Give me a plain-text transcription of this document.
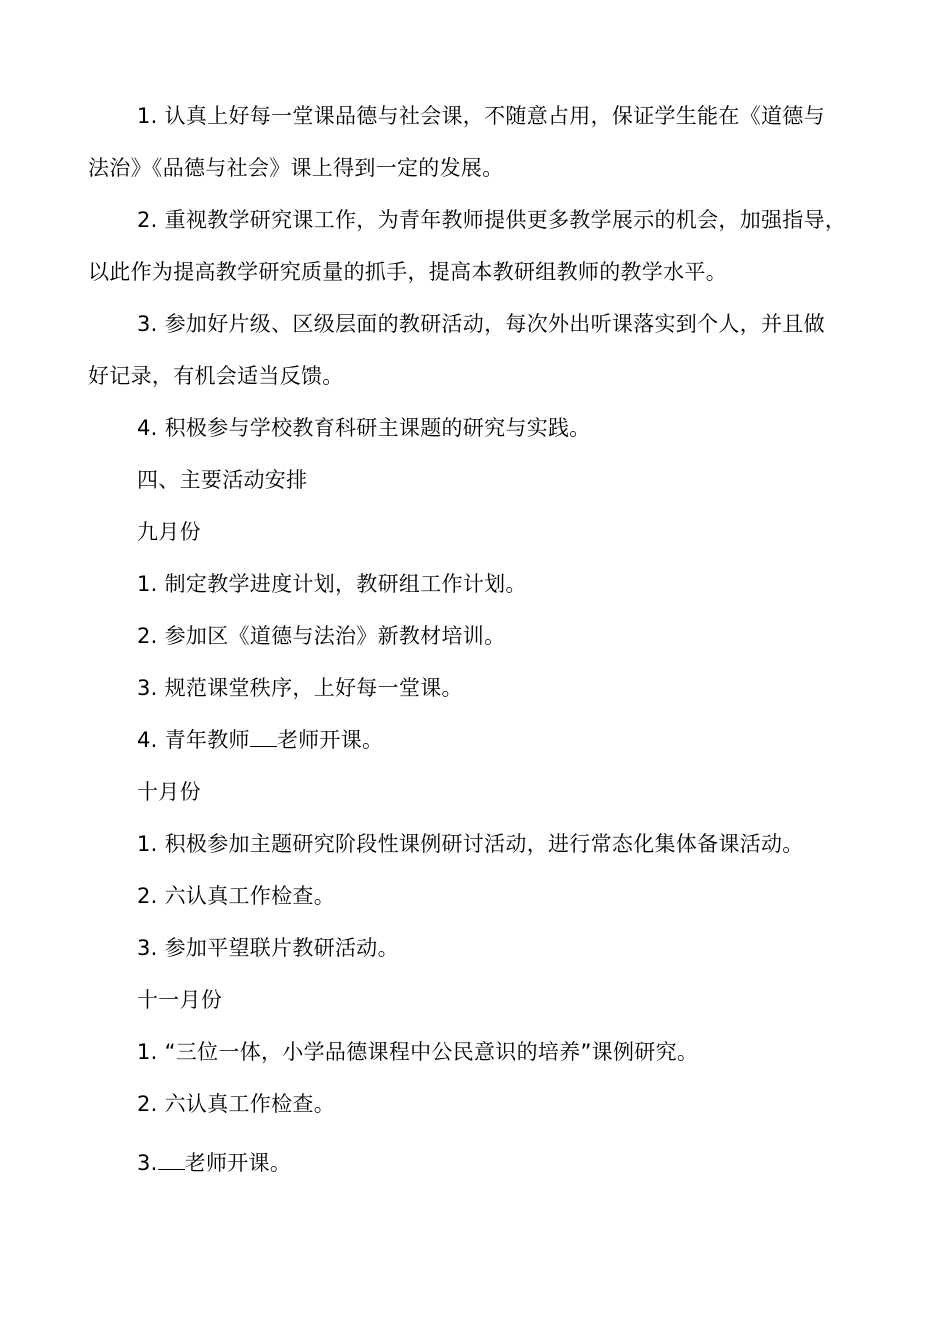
1. 认真上好每一堂课品德与社会课，不随意占用，保证学生能在《道德与
法治》《品德与社会》课上得到一定的发展。
2. 重视教学研究课工作，为青年教师提供更多教学展示的机会，加强指导，
以此作为提高教学研究质量的抓手，提高本教研组教师的教学水平。
3. 参加好片级、区级层面的教研活动，每次外出听课落实到个人，并且做
好记录，有机会适当反馈。
4. 积极参与学校教育科研主课题的研究与实践。
四、主要活动安排
九月份
1. 制定教学进度计划，教研组工作计划。
2. 参加区《道德与法治》新教材培训。
3. 规范课堂秩序，上好每一堂课。
4. 青年教师 老师开课。
十月份
1. 积极参加主题研究阶段性课例研讨活动，进行常态化集体备课活动。
2. 六认真工作检查。
3. 参加平望联片教研活动。
十一月份
1. “三位一体，小学品德课程中公民意识的培养”课例研究。
2. 六认真工作检查。
3. 老师开课。
